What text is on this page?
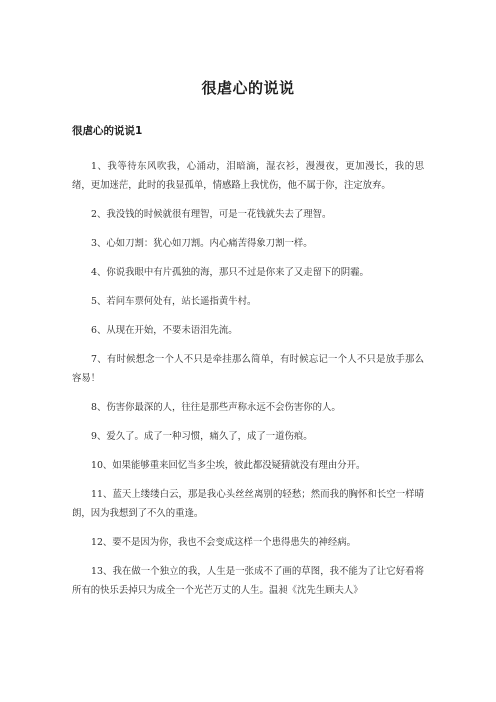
很虐心的说说
很虐心的说说1

1、我等待东风吹我，心涌动，泪暗滴，湿衣衫，漫漫夜，更加漫长，我的思绪，更加迷茫，此时的我显孤单，情感路上我忧伤，他不属于你，注定放弃。

2、我没钱的时候就很有理智，可是一花钱就失去了理智。

3、心如刀割：犹心如刀割。内心痛苦得象刀割一样。

4、你说我眼中有片孤独的海，那只不过是你来了又走留下的阴霾。

5、若问车票何处有，站长遥指黄牛村。

6、从现在开始，不要未语泪先流。

7、有时候想念一个人不只是牵挂那么简单，有时候忘记一个人不只是放手那么容易！

8、伤害你最深的人，往往是那些声称永远不会伤害你的人。

9、爱久了。成了一种习惯，痛久了，成了一道伤痕。

10、如果能够重来回忆当多尘埃，彼此都没疑猜就没有理由分开。

11、蓝天上缕缕白云，那是我心头丝丝离别的轻愁；然而我的胸怀和长空一样晴朗，因为我想到了不久的重逢。

12、要不是因为你，我也不会变成这样一个患得患失的神经病。

13、我在做一个独立的我，人生是一张成不了画的草图，我不能为了让它好看将所有的快乐丢掉只为成全一个光芒万丈的人生。温昶《沈先生顾夫人》
